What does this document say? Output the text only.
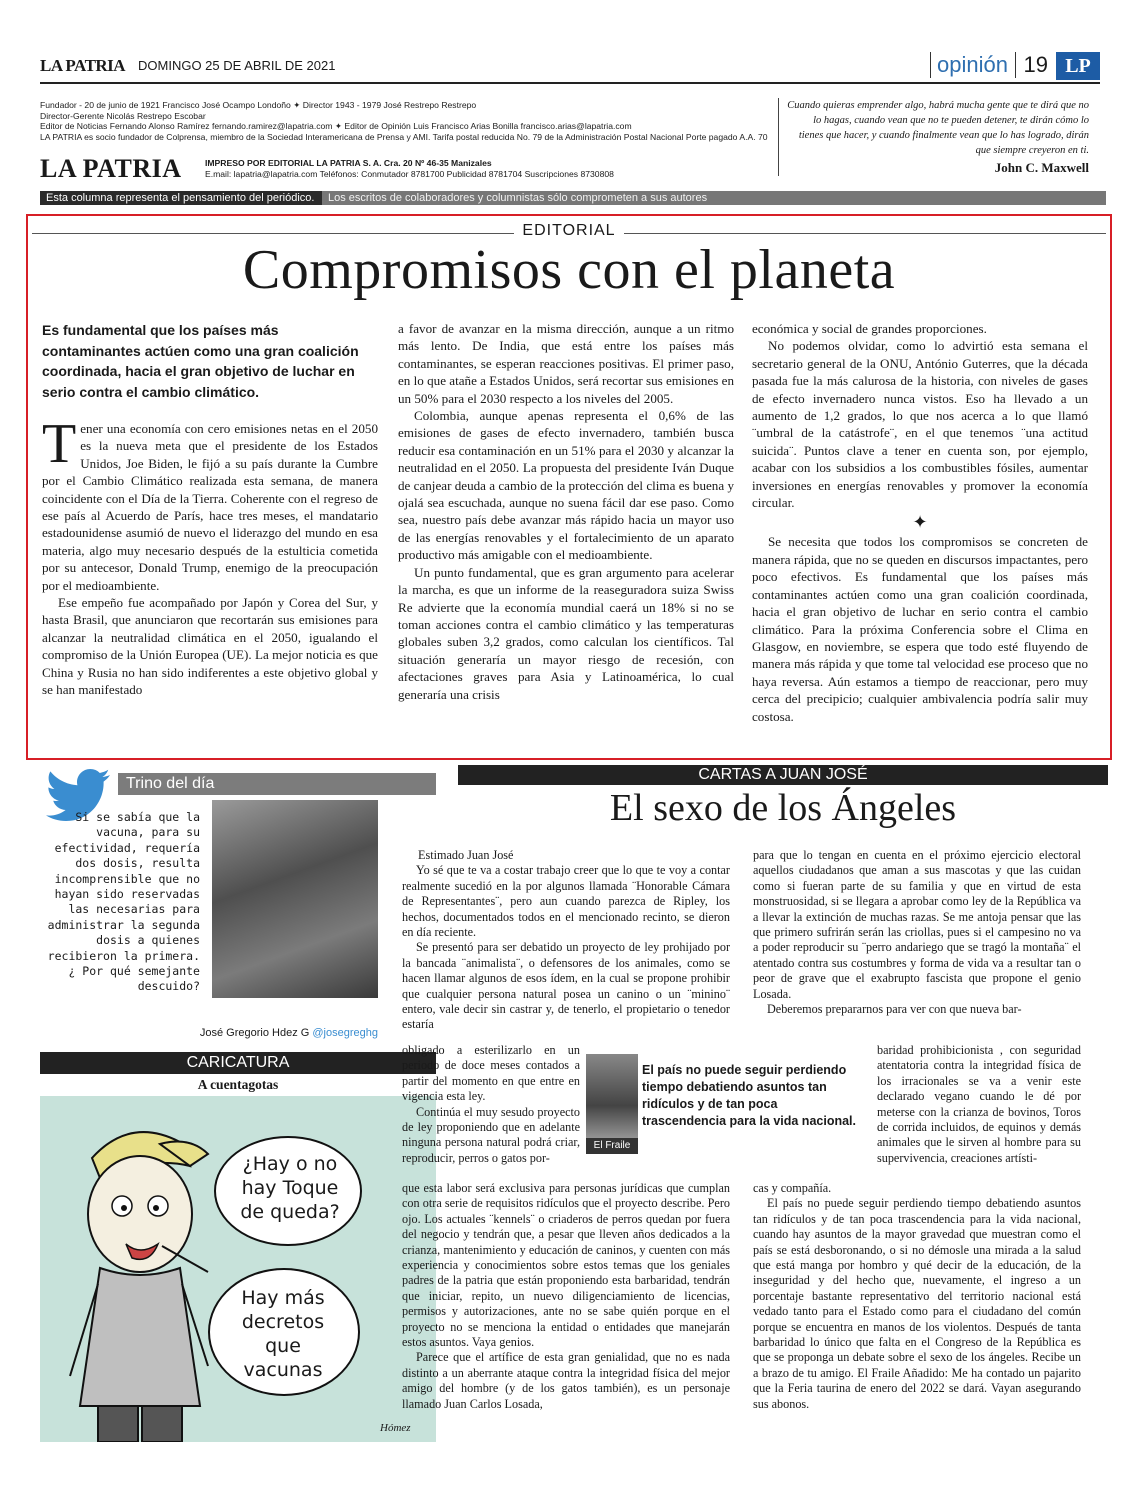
LA PATRIA DOMINGO 25 DE ABRIL DE 2021	opinión 19 LP
Fundador - 20 de junio de 1921 Francisco José Ocampo Londoño ✦ Director 1943 - 1979 José Restrepo Restrepo
Director-Gerente Nicolás Restrepo Escobar
Editor de Noticias Fernando Alonso Ramírez fernando.ramirez@lapatria.com ✦ Editor de Opinión Luis Francisco Arias Bonilla francisco.arias@lapatria.com
LA PATRIA es socio fundador de Colprensa, miembro de la Sociedad Interamericana de Prensa y AMI. Tarifa postal reducida No. 79 de la Administración Postal Nacional Porte pagado A.A. 70
LA PATRIA	IMPRESO POR EDITORIAL LA PATRIA S. A. Cra. 20 Nº 46-35 Manizales
E.mail: lapatria@lapatria.com Teléfonos: Conmutador 8781700 Publicidad 8781704 Suscripciones 8730808
Cuando quieras emprender algo, habrá mucha gente que te dirá que no lo hagas, cuando vean que no te pueden detener, te dirán cómo lo tienes que hacer, y cuando finalmente vean que lo has logrado, dirán que siempre creyeron en ti.
John C. Maxwell
Esta columna representa el pensamiento del periódico.	Los escritos de colaboradores y columnistas sólo comprometen a sus autores
EDITORIAL
Compromisos con el planeta
Es fundamental que los países más contaminantes actúen como una gran coalición coordinada, hacia el gran objetivo de luchar en serio contra el cambio climático.

Tener una economía con cero emisiones netas en el 2050 es la nueva meta que el presidente de los Estados Unidos, Joe Biden, le fijó a su país durante la Cumbre por el Cambio Climático realizada esta semana, de manera coincidente con el Día de la Tierra. Coherente con el regreso de ese país al Acuerdo de París, hace tres meses, el mandatario estadounidense asumió de nuevo el liderazgo del mundo en esa materia, algo muy necesario después de la estulticia cometida por su antecesor, Donald Trump, enemigo de la preocupación por el medioambiente.

Ese empeño fue acompañado por Japón y Corea del Sur, y hasta Brasil, que anunciaron que recortarán sus emisiones para alcanzar la neutralidad climática en el 2050, igualando el compromiso de la Unión Europea (UE). La mejor noticia es que China y Rusia no han sido indiferentes a este objetivo global y se han manifestado

a favor de avanzar en la misma dirección, aunque a un ritmo más lento. De India, que está entre los países más contaminantes, se esperan reacciones positivas. El primer paso, en lo que atañe a Estados Unidos, será recortar sus emisiones en un 50% para el 2030 respecto a los niveles del 2005.

Colombia, aunque apenas representa el 0,6% de las emisiones de gases de efecto invernadero, también busca reducir esa contaminación en un 51% para el 2030 y alcanzar la neutralidad en el 2050. La propuesta del presidente Iván Duque de canjear deuda a cambio de la protección del clima es buena y ojalá sea escuchada, aunque no suena fácil dar ese paso. Como sea, nuestro país debe avanzar más rápido hacia un mayor uso de las energías renovables y el fortalecimiento de un aparato productivo más amigable con el medioambiente.

Un punto fundamental, que es gran argumento para acelerar la marcha, es que un informe de la reaseguradora suiza Swiss Re advierte que la economía mundial caerá un 18% si no se toman acciones contra el cambio climático y las temperaturas globales suben 3,2 grados, como calculan los científicos. Tal situación generaría un mayor riesgo de recesión, con afectaciones graves para Asia y Latinoamérica, lo cual generaría una crisis

económica y social de grandes proporciones.

No podemos olvidar, como lo advirtió esta semana el secretario general de la ONU, António Guterres, que la década pasada fue la más calurosa de la historia, con niveles de gases de efecto invernadero nunca vistos. Eso ha llevado a un aumento de 1,2 grados, lo que nos acerca a lo que llamó ¨umbral de la catástrofe¨, en el que tenemos ¨una actitud suicida¨. Puntos clave a tener en cuenta son, por ejemplo, acabar con los subsidios a los combustibles fósiles, aumentar inversiones en energías renovables y promover la economía circular.

✦

Se necesita que todos los compromisos se concreten de manera rápida, que no se queden en discursos impactantes, pero poco efectivos. Es fundamental que los países más contaminantes actúen como una gran coalición coordinada, hacia el gran objetivo de luchar en serio contra el cambio climático. Para la próxima Conferencia sobre el Clima en Glasgow, en noviembre, se espera que todo esté fluyendo de manera más rápida y que tome tal velocidad ese proceso que no haya reversa. Aún estamos a tiempo de reaccionar, pero muy cerca del precipicio; cualquier ambivalencia podría salir muy costosa.

Trino del día
Si se sabía que la vacuna, para su efectividad, requería dos dosis, resulta incomprensible que no hayan sido reservadas las necesarias para administrar la segunda dosis a quienes recibieron la primera. ¿ Por qué semejante descuido?
José Gregorio Hdez G @josegreghg
CARICATURA
A cuentagotas
¿Hay o no hay Toque de queda?
Hay más decretos que vacunas
Hómez
CARTAS A JUAN JOSÉ
El sexo de los Ángeles

Estimado Juan José

Yo sé que te va a costar trabajo creer que lo que te voy a contar realmente sucedió en la por algunos llamada ¨Honorable Cámara de Representantes¨, pero aun cuando parezca de Ripley, los hechos, documentados todos en el mencionado recinto, se dieron en día reciente.

Se presentó para ser debatido un proyecto de ley prohijado por la bancada ¨animalista¨, o defensores de los animales, como se hacen llamar algunos de esos ídem, en la cual se propone prohibir que cualquier persona natural posea un canino o un ¨minino¨ entero, vale decir sin castrar y, de tenerlo, el propietario o tenedor estaría

obligado a esterilizarlo en un periodo de doce meses contados a partir del momento en que entre en vigencia esta ley.

Continúa el muy sesudo proyecto de ley proponiendo que en adelante ninguna persona natural podrá criar, reproducir, perros o gatos por-

que esta labor será exclusiva para personas jurídicas que cumplan con otra serie de requisitos ridículos que el proyecto describe. Pero ojo. Los actuales ¨kennels¨ o criaderos de perros quedan por fuera del negocio y tendrán que, a pesar que lleven años dedicados a la crianza, mantenimiento y educación de caninos, y cuenten con más experiencia y conocimientos sobre estos temas que los geniales padres de la patria que están proponiendo esta barbaridad, tendrán que iniciar, repito, un nuevo diligenciamiento de licencias, permisos y autorizaciones, ante no se sabe quién porque en el proyecto no se menciona la entidad o entidades que manejarán estos asuntos. Vaya genios.

Parece que el artífice de esta gran genialidad, que no es nada distinto a un aberrante ataque contra la integridad física del mejor amigo del hombre (y de los gatos también), es un personaje llamado Juan Carlos Losada,

para que lo tengan en cuenta en el próximo ejercicio electoral aquellos ciudadanos que aman a sus mascotas y que las cuidan como si fueran parte de su familia y que en virtud de esta monstruosidad, si se llegara a aprobar como ley de la República va a llevar la extinción de muchas razas. Se me antoja pensar que las que primero sufrirán serán las criollas, pues si el campesino no va a poder reproducir su ¨perro andariego que se tragó la montaña¨ el atentado contra sus costumbres y forma de vida va a resultar tan o peor de grave que el exabrupto fascista que propone el genio Losada.

Deberemos prepararnos para ver con que nueva bar-

baridad prohibicionista , con seguridad atentatoria contra la integridad física de los irracionales se va a venir este declarado vegano cuando le dé por meterse con la crianza de bovinos, Toros de corrida incluidos, de equinos y demás animales que le sirven al hombre para su supervivencia, creaciones artísti-

cas y compañía.

El país no puede seguir perdiendo tiempo debatiendo asuntos tan ridículos y de tan poca trascendencia para la vida nacional, cuando hay asuntos de la mayor gravedad que muestran como el país se está desboronando, o si no démosle una mirada a la salud que está manga por hombro y qué decir de la educación, de la inseguridad y del hecho que, nuevamente, el ingreso a un porcentaje bastante representativo del territorio nacional está vedado tanto para el Estado como para el ciudadano del común porque se encuentra en manos de los violentos. Después de tanta barbaridad lo único que falta en el Congreso de la República es que se proponga un debate sobre el sexo de los ángeles. Recibe un a brazo de tu amigo. El Fraile Añadido: Me ha contado un pajarito que la Feria taurina de enero del 2022 se dará. Vayan asegurando sus abonos.

El Fraile
El país no puede seguir perdiendo tiempo debatiendo asuntos tan ridículos y de tan poca trascendencia para la vida nacional.
